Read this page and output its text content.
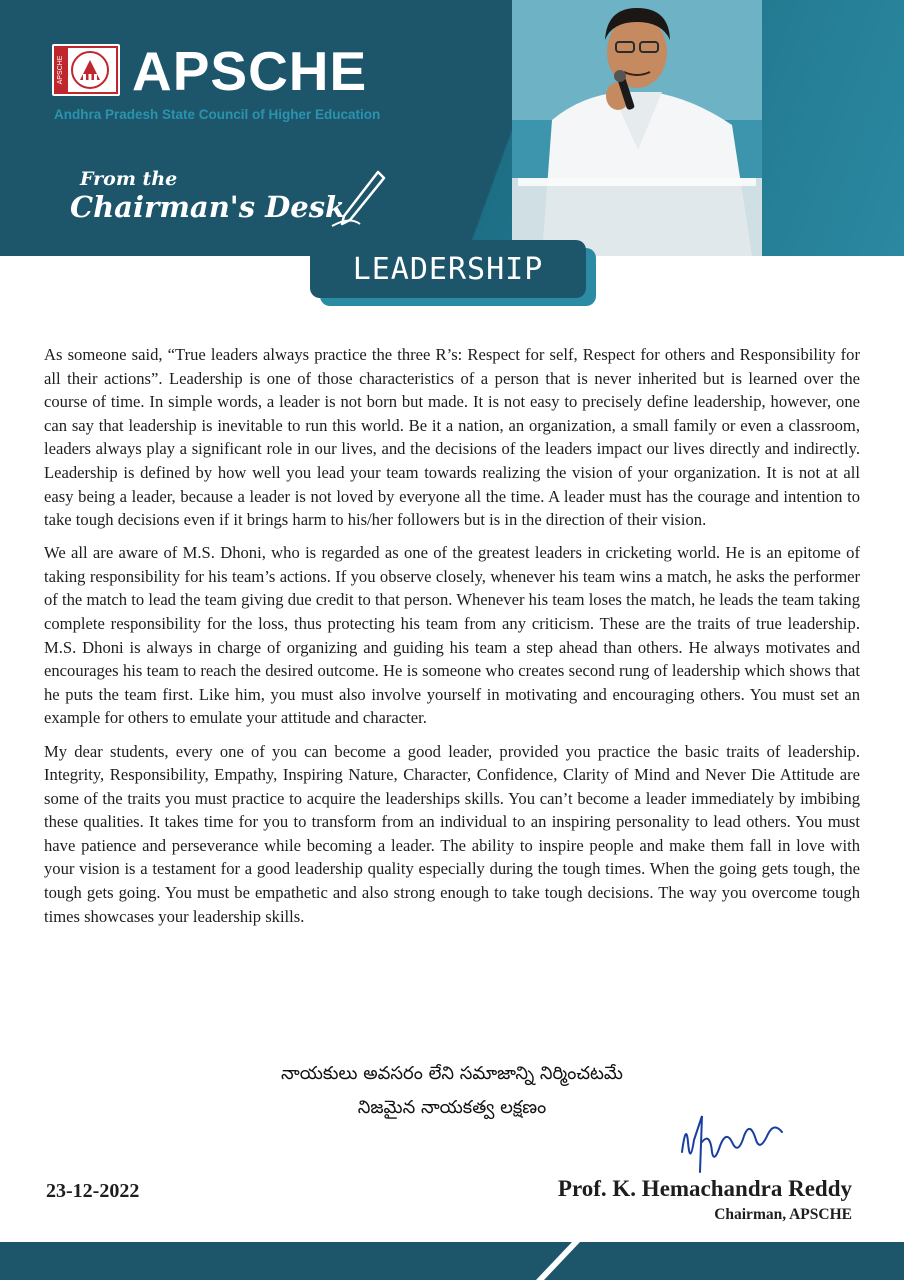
APSCHE APSCHE
Andhra Pradesh State Council of Higher Education
From the
Chairman's Desk
LEADERSHIP

As someone said, “True leaders always practice the three R’s: Respect for self, Respect for others and Responsibility for all their actions”. Leadership is one of those characteristics of a person that is never inherited but is learned over the course of time. In simple words, a leader is not born but made. It is not easy to precisely define leadership, however, one can say that leadership is inevitable to run this world. Be it a nation, an organization, a small family or even a classroom, leaders always play a significant role in our lives, and the decisions of the leaders impact our lives directly and indirectly. Leadership is defined by how well you lead your team towards realizing the vision of your organization. It is not at all easy being a leader, because a leader is not loved by everyone all the time. A leader must has the courage and intention to take tough decisions even if it brings harm to his/her followers but is in the direction of their vision.

We all are aware of M.S. Dhoni, who is regarded as one of the greatest leaders in cricketing world. He is an epitome of taking responsibility for his team’s actions. If you observe closely, whenever his team wins a match, he asks the performer of the match to lead the team giving due credit to that person. Whenever his team loses the match, he leads the team taking complete responsibility for the loss, thus protecting his team from any criticism. These are the traits of true leadership. M.S. Dhoni is always in charge of organizing and guiding his team a step ahead than others. He always motivates and encourages his team to reach the desired outcome. He is someone who creates second rung of leadership which shows that he puts the team first. Like him, you must also involve yourself in motivating and encouraging others. You must set an example for others to emulate your attitude and character.

My dear students, every one of you can become a good leader, provided you practice the basic traits of leadership. Integrity, Responsibility, Empathy, Inspiring Nature, Character, Confidence, Clarity of Mind and Never Die Attitude are some of the traits you must practice to acquire the leaderships skills. You can’t become a leader immediately by imbibing these qualities. It takes time for you to transform from an individual to an inspiring personality to lead others. You must have patience and perseverance while becoming a leader. The ability to inspire people and make them fall in love with your vision is a testament for a good leadership quality especially during the tough times. When the going gets tough, the tough gets going. You must be empathetic and also strong enough to take tough decisions. The way you overcome tough times showcases your leadership skills.

నాయకులు అవసరం లేని సమాజాన్ని నిర్మించటమే
నిజమైన నాయకత్వ లక్షణం
23-12-2022	Prof. K. Hemachandra Reddy
Chairman, APSCHE
